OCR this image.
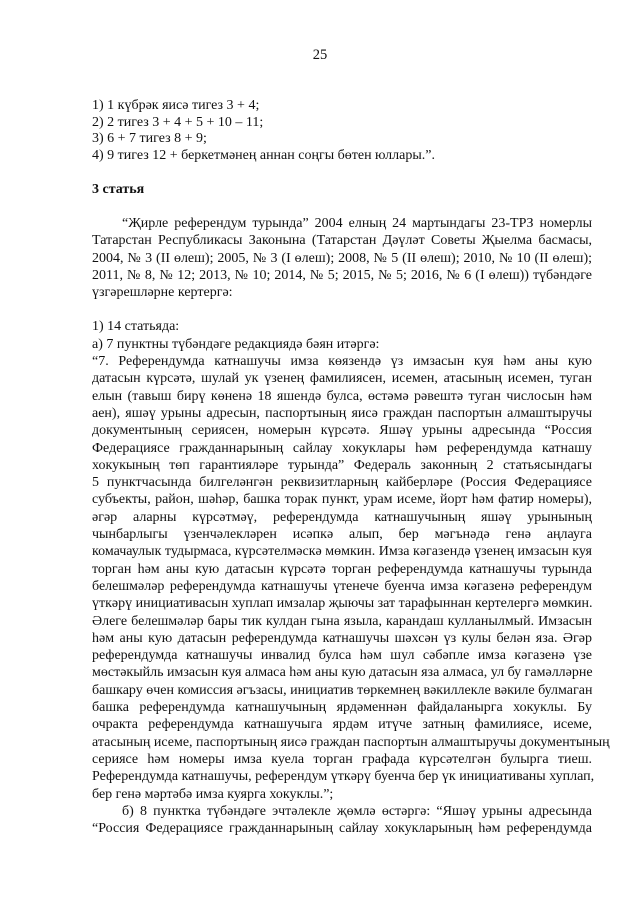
25
1) 1 күбрәк яисә тигез 3 + 4;
2) 2 тигез 3 + 4 + 5 + 10 – 11;
3) 6 + 7 тигез 8 + 9;
4) 9 тигез 12 + беркетмәнең аннан соңгы бөтен юллары.”.
3 статья
“Җирле референдум турында” 2004 елның 24 мартындагы 23-ТРЗ номерлы
Татарстан Республикасы Законына (Татарстан Дәүләт Советы Җыелма басмасы,
2004, № 3 (II өлеш); 2005, № 3 (I өлеш); 2008, № 5 (II өлеш); 2010, № 10 (II өлеш);
2011, № 8, № 12; 2013, № 10; 2014, № 5; 2015, № 5; 2016, № 6 (I өлеш)) түбәндәге
үзгәрешләрне кертергә:
1) 14 статьяда:
а) 7 пунктны түбәндәге редакциядә бәян итәргә:
“7. Референдумда катнашучы имза көязендә үз имзасын куя һәм аны кую
датасын күрсәтә, шулай ук үзенең фамилиясен, исемен, атасының исемен, туган
елын (тавыш бирү көненә 18 яшендә булса, өстәмә рәвештә туган числосын һәм
аен), яшәү урыны адресын, паспортының яисә граждан паспортын алмаштыручы
документының сериясен, номерын күрсәтә. Яшәү урыны адресында “Россия
Федерациясе гражданнарының сайлау хокуклары һәм референдумда катнашу
хокукының төп гарантияләре турында” Федераль законның 2 статьясындагы
5 пунктчасында билгеләнгән реквизитларның кайберләре (Россия Федерациясе
субъекты, район, шәһәр, башка торак пункт, урам исеме, йорт һәм фатир номеры),
әгәр аларны күрсәтмәү, референдумда катнашучының яшәү урынының
чынбарлыгы үзенчәлекләрен исәпкә алып, бер мәгънәдә генә аңлауга
комачаулык тудырмаса, күрсәтелмәскә мөмкин. Имза кәгазендә үзенең имзасын куя
торган һәм аны кую датасын күрсәтә торган референдумда катнашучы турында
белешмәләр референдумда катнашучы үтенече буенча имза кәгазенә референдум
үткәрү инициативасын хуплап имзалар җыючы зат тарафыннан кертелергә мөмкин.
Әлеге белешмәләр бары тик кулдан гына язылa, карандаш кулланылмый. Имзасын
һәм аны кую датасын референдумда катнашучы шәхсән үз кулы белән яза. Әгәр
референдумда катнашучы инвалид булса һәм шул сәбәпле имза кәгазенә үзе
мөстәкыйль имзасын куя алмаса һәм аны кую датасын яза алмаса, ул бу гамәлләрне
башкару өчен комиссия әгъзасы, инициатив төркемнең вәкиллекле вәкиле булмаган
башка референдумда катнашучының ярдәменнән файдаланырга хокуклы. Бу
очракта референдумда катнашучыга ярдәм итүче затның фамилиясе, исеме,
атасының исеме, паспортының яисә граждан паспортын алмаштыручы документының
сериясе һәм номеры имза куела торган графада күрсәтелгән булырга тиеш.
Референдумда катнашучы, референдум үткәрү буенча бер үк инициативаны хуплап,
бер генә мәртәбә имза куярга хокуклы.”;
б) 8 пунктка түбәндәге эчтәлекле җөмлә өстәргә: “Яшәү урыны адресында
“Россия Федерациясе гражданнарының сайлау хокукларының һәм референдумда
